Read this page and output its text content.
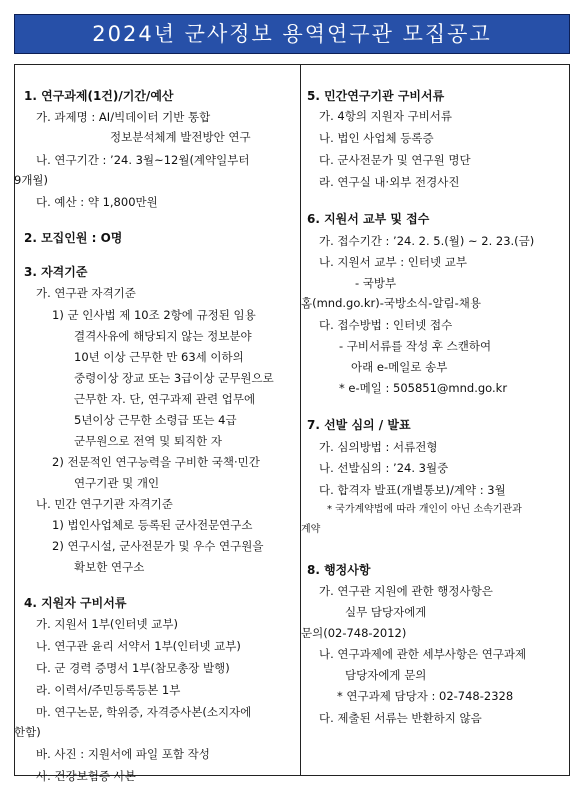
2024년 군사정보 용역연구관 모집공고
1. 연구과제(1건)/기간/예산
가. 과제명 : AI/빅데이터 기반 통합
정보분석체계 발전방안 연구
나. 연구기간 : ’24. 3월~12월(계약일부터
9개월)
다. 예산 : 약 1,800만원
2. 모집인원 : O명
3. 자격기준
가. 연구관 자격기준
1) 군 인사법 제 10조 2항에 규정된 임용
결격사유에 해당되지 않는 정보분야
10년 이상 근무한 만 63세 이하의
중령이상 장교 또는 3급이상 군무원으로
근무한 자. 단, 연구과제 관련 업무에
5년이상 근무한 소령급 또는 4급
군무원으로 전역 및 퇴직한 자
2) 전문적인 연구능력을 구비한 국책·민간
연구기관 및 개인
나. 민간 연구기관 자격기준
1) 법인사업체로 등록된 군사전문연구소
2) 연구시설, 군사전문가 및 우수 연구원을
확보한 연구소
4. 지원자 구비서류
가. 지원서 1부(인터넷 교부)
나. 연구관 윤리 서약서 1부(인터넷 교부)
다. 군 경력 증명서 1부(참모총장 발행)
라. 이력서/주민등록등본 1부
마. 연구논문, 학위증, 자격증사본(소지자에
한함)
바. 사진 : 지원서에 파일 포함 작성
사. 건강보험증 사본
5. 민간연구기관 구비서류
가. 4항의 지원자 구비서류
나. 법인 사업체 등록증
다. 군사전문가 및 연구원 명단
라. 연구실 내·외부 전경사진
6. 지원서 교부 및 접수
가. 접수기간 : ’24. 2. 5.(월) ~ 2. 23.(금)
나. 지원서 교부 : 인터넷 교부
- 국방부
홈(mnd.go.kr)-국방소식-알림-채용
다. 접수방법 : 인터넷 접수
- 구비서류를 작성 후 스캔하여
아래 e-메일로 송부
* e-메일 : 505851@mnd.go.kr
7. 선발 심의 / 발표
가. 심의방법 : 서류전형
나. 선발심의 : ’24. 3월중
다. 합격자 발표(개별통보)/계약 : 3월
* 국가계약법에 따라 개인이 아닌 소속기관과
계약
8. 행정사항
가. 연구관 지원에 관한 행정사항은
실무 담당자에게
문의(02-748-2012)
나. 연구과제에 관한 세부사항은 연구과제
담당자에게 문의
* 연구과제 담당자 : 02-748-2328
다. 제출된 서류는 반환하지 않음
